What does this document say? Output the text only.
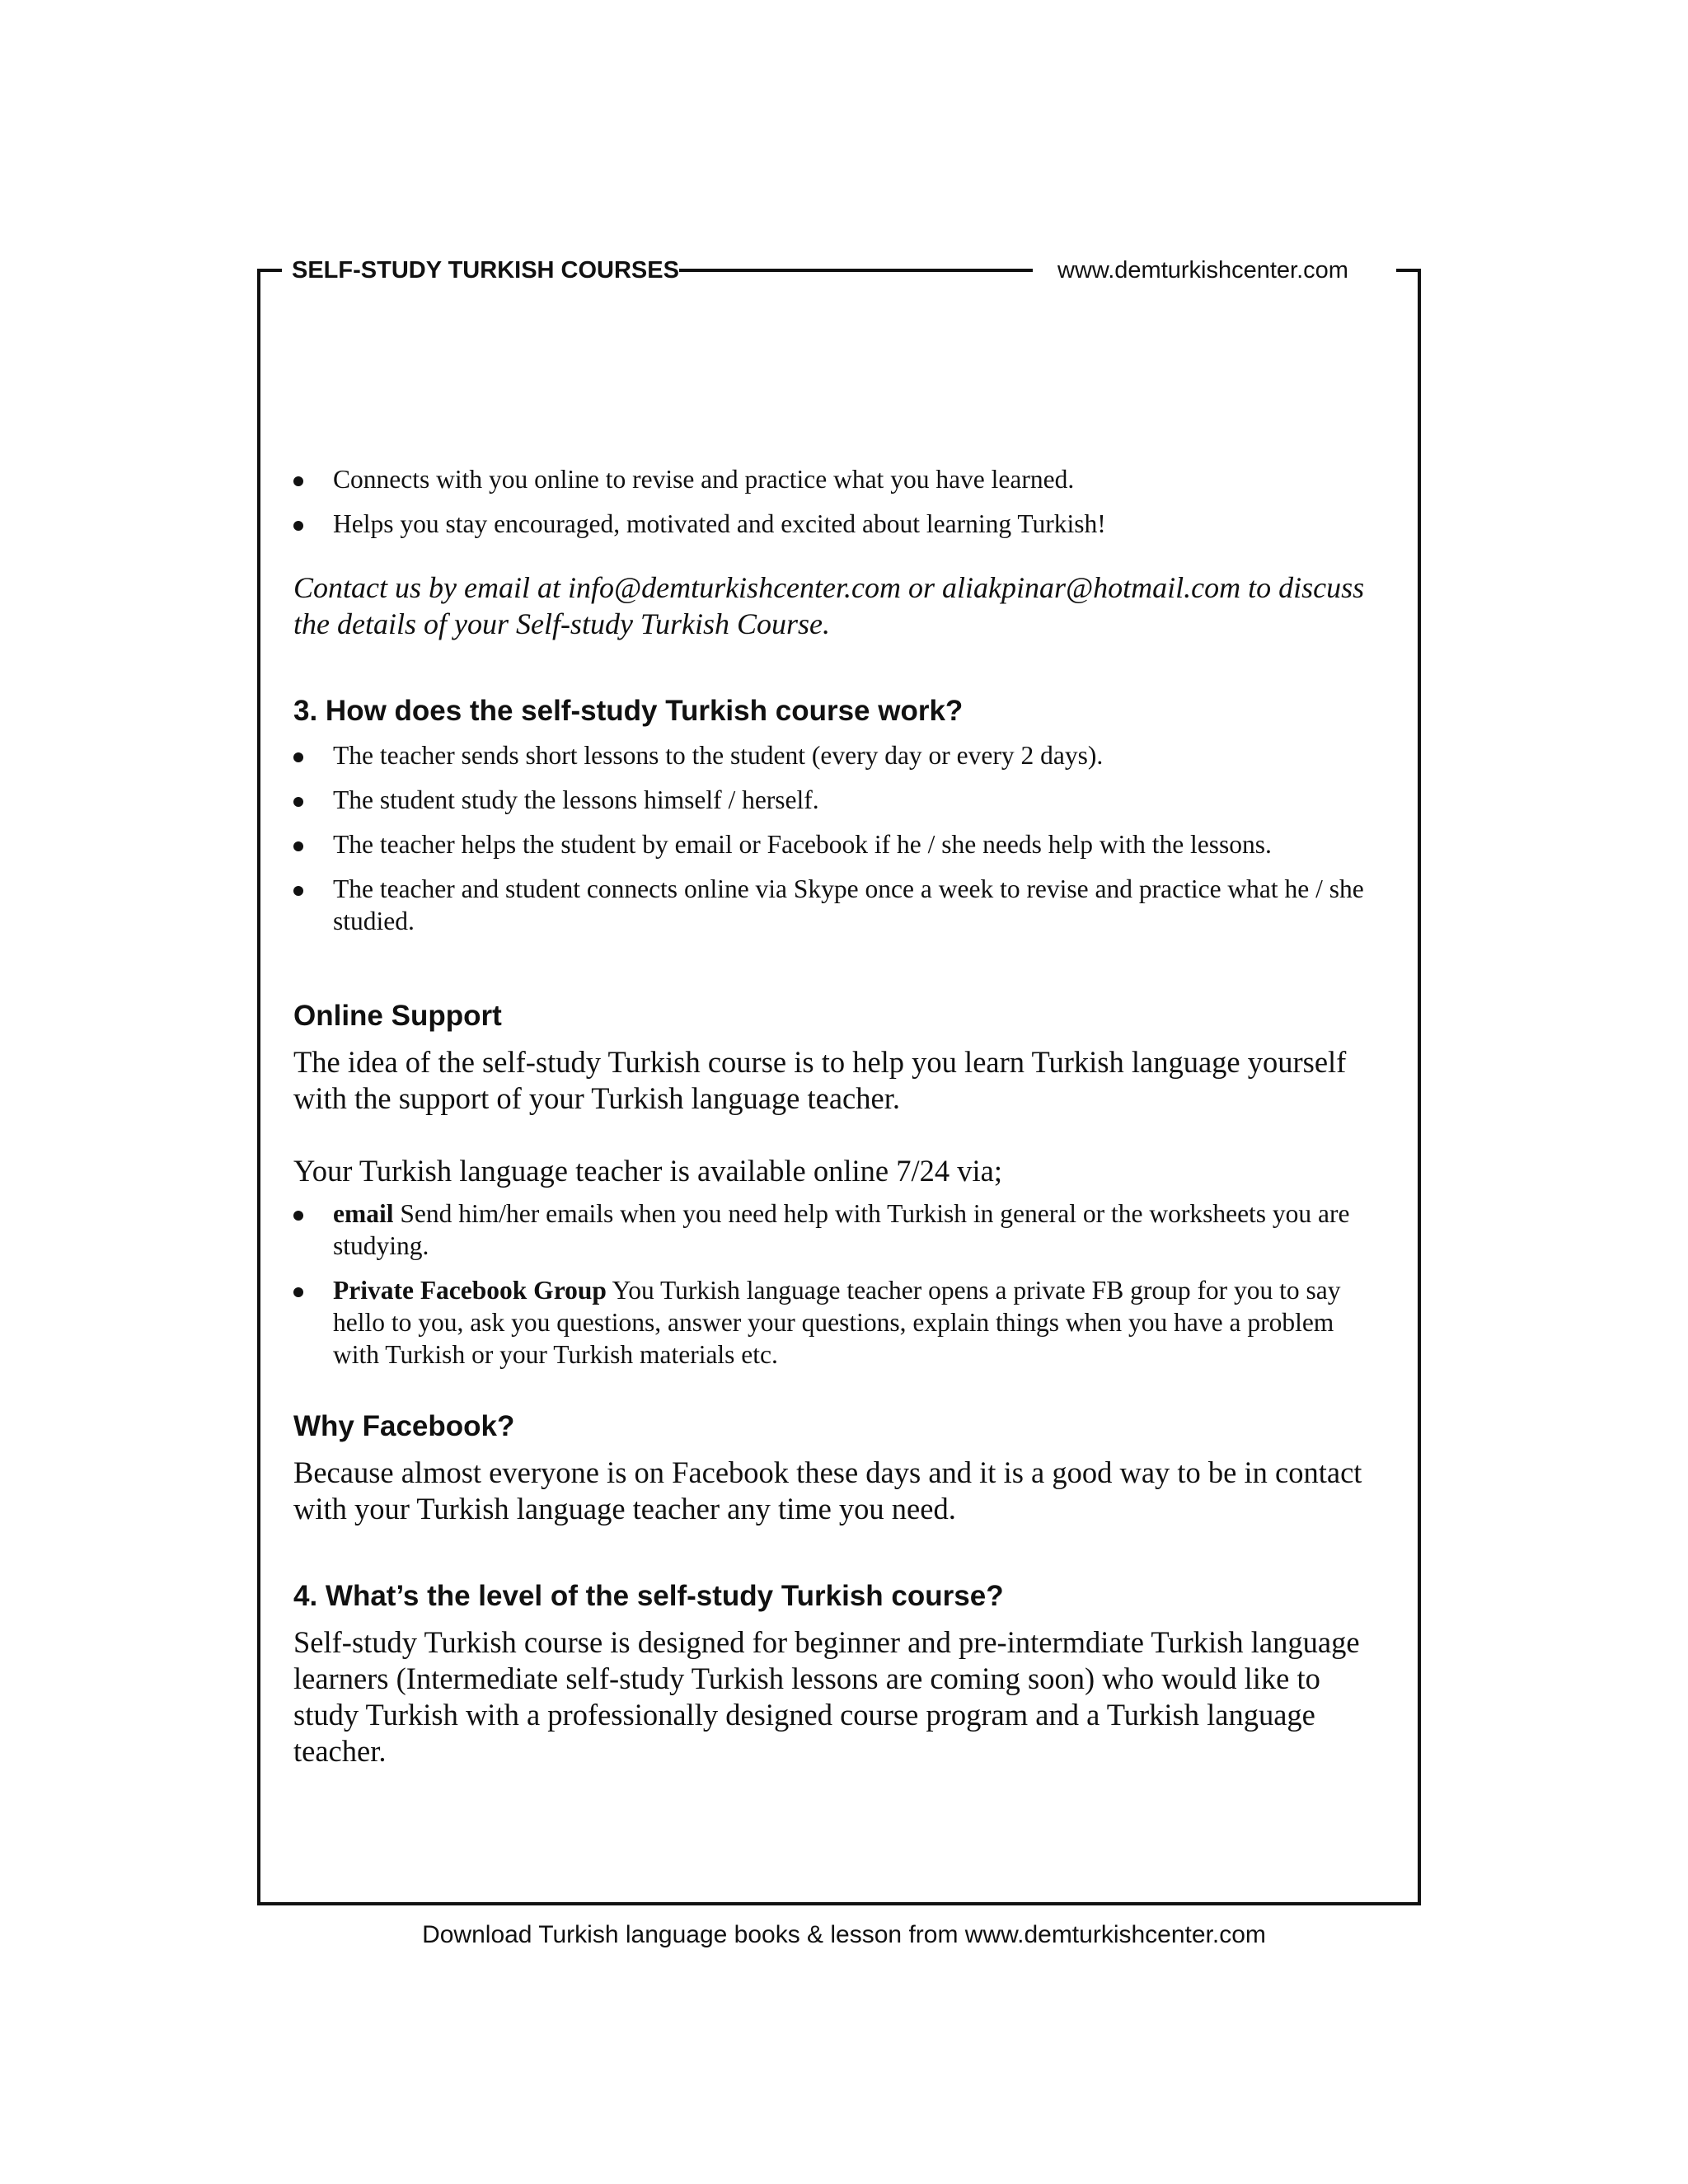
SELF-STUDY TURKISH COURSES	www.demturkishcenter.com
Connects with you online to revise and practice what you have learned.
Helps you stay encouraged, motivated and excited about learning Turkish!

Contact us by email at info@demturkishcenter.com or aliakpinar@hotmail.com to discuss the details of your Self-study Turkish Course.

3. How does the self-study Turkish course work?
The teacher sends short lessons to the student (every day or every 2 days).
The student study the lessons himself / herself.
The teacher helps the student by email or Facebook if he / she needs help with the lessons.
The teacher and student connects online via Skype once a week to revise and practice what he / she studied.
Online Support

The idea of the self-study Turkish course is to help you learn Turkish language yourself with the support of your Turkish language teacher.

Your Turkish language teacher is available online 7/24 via;

email Send him/her emails when you need help with Turkish in general or the worksheets you are studying.
Private Facebook Group You Turkish language teacher opens a private FB group for you to say hello to you, ask you questions, answer your questions, explain things when you have a problem with Turkish or your Turkish materials etc.
Why Facebook?

Because almost everyone is on Facebook these days and it is a good way to be in contact with your Turkish language teacher any time you need.

4. What’s the level of the self-study Turkish course?

Self-study Turkish course is designed for beginner and pre-intermdiate Turkish language learners (Intermediate self-study Turkish lessons are coming soon) who would like to study Turkish with a professionally designed course program and a Turkish language teacher.

Download Turkish language books & lesson from www.demturkishcenter.com
